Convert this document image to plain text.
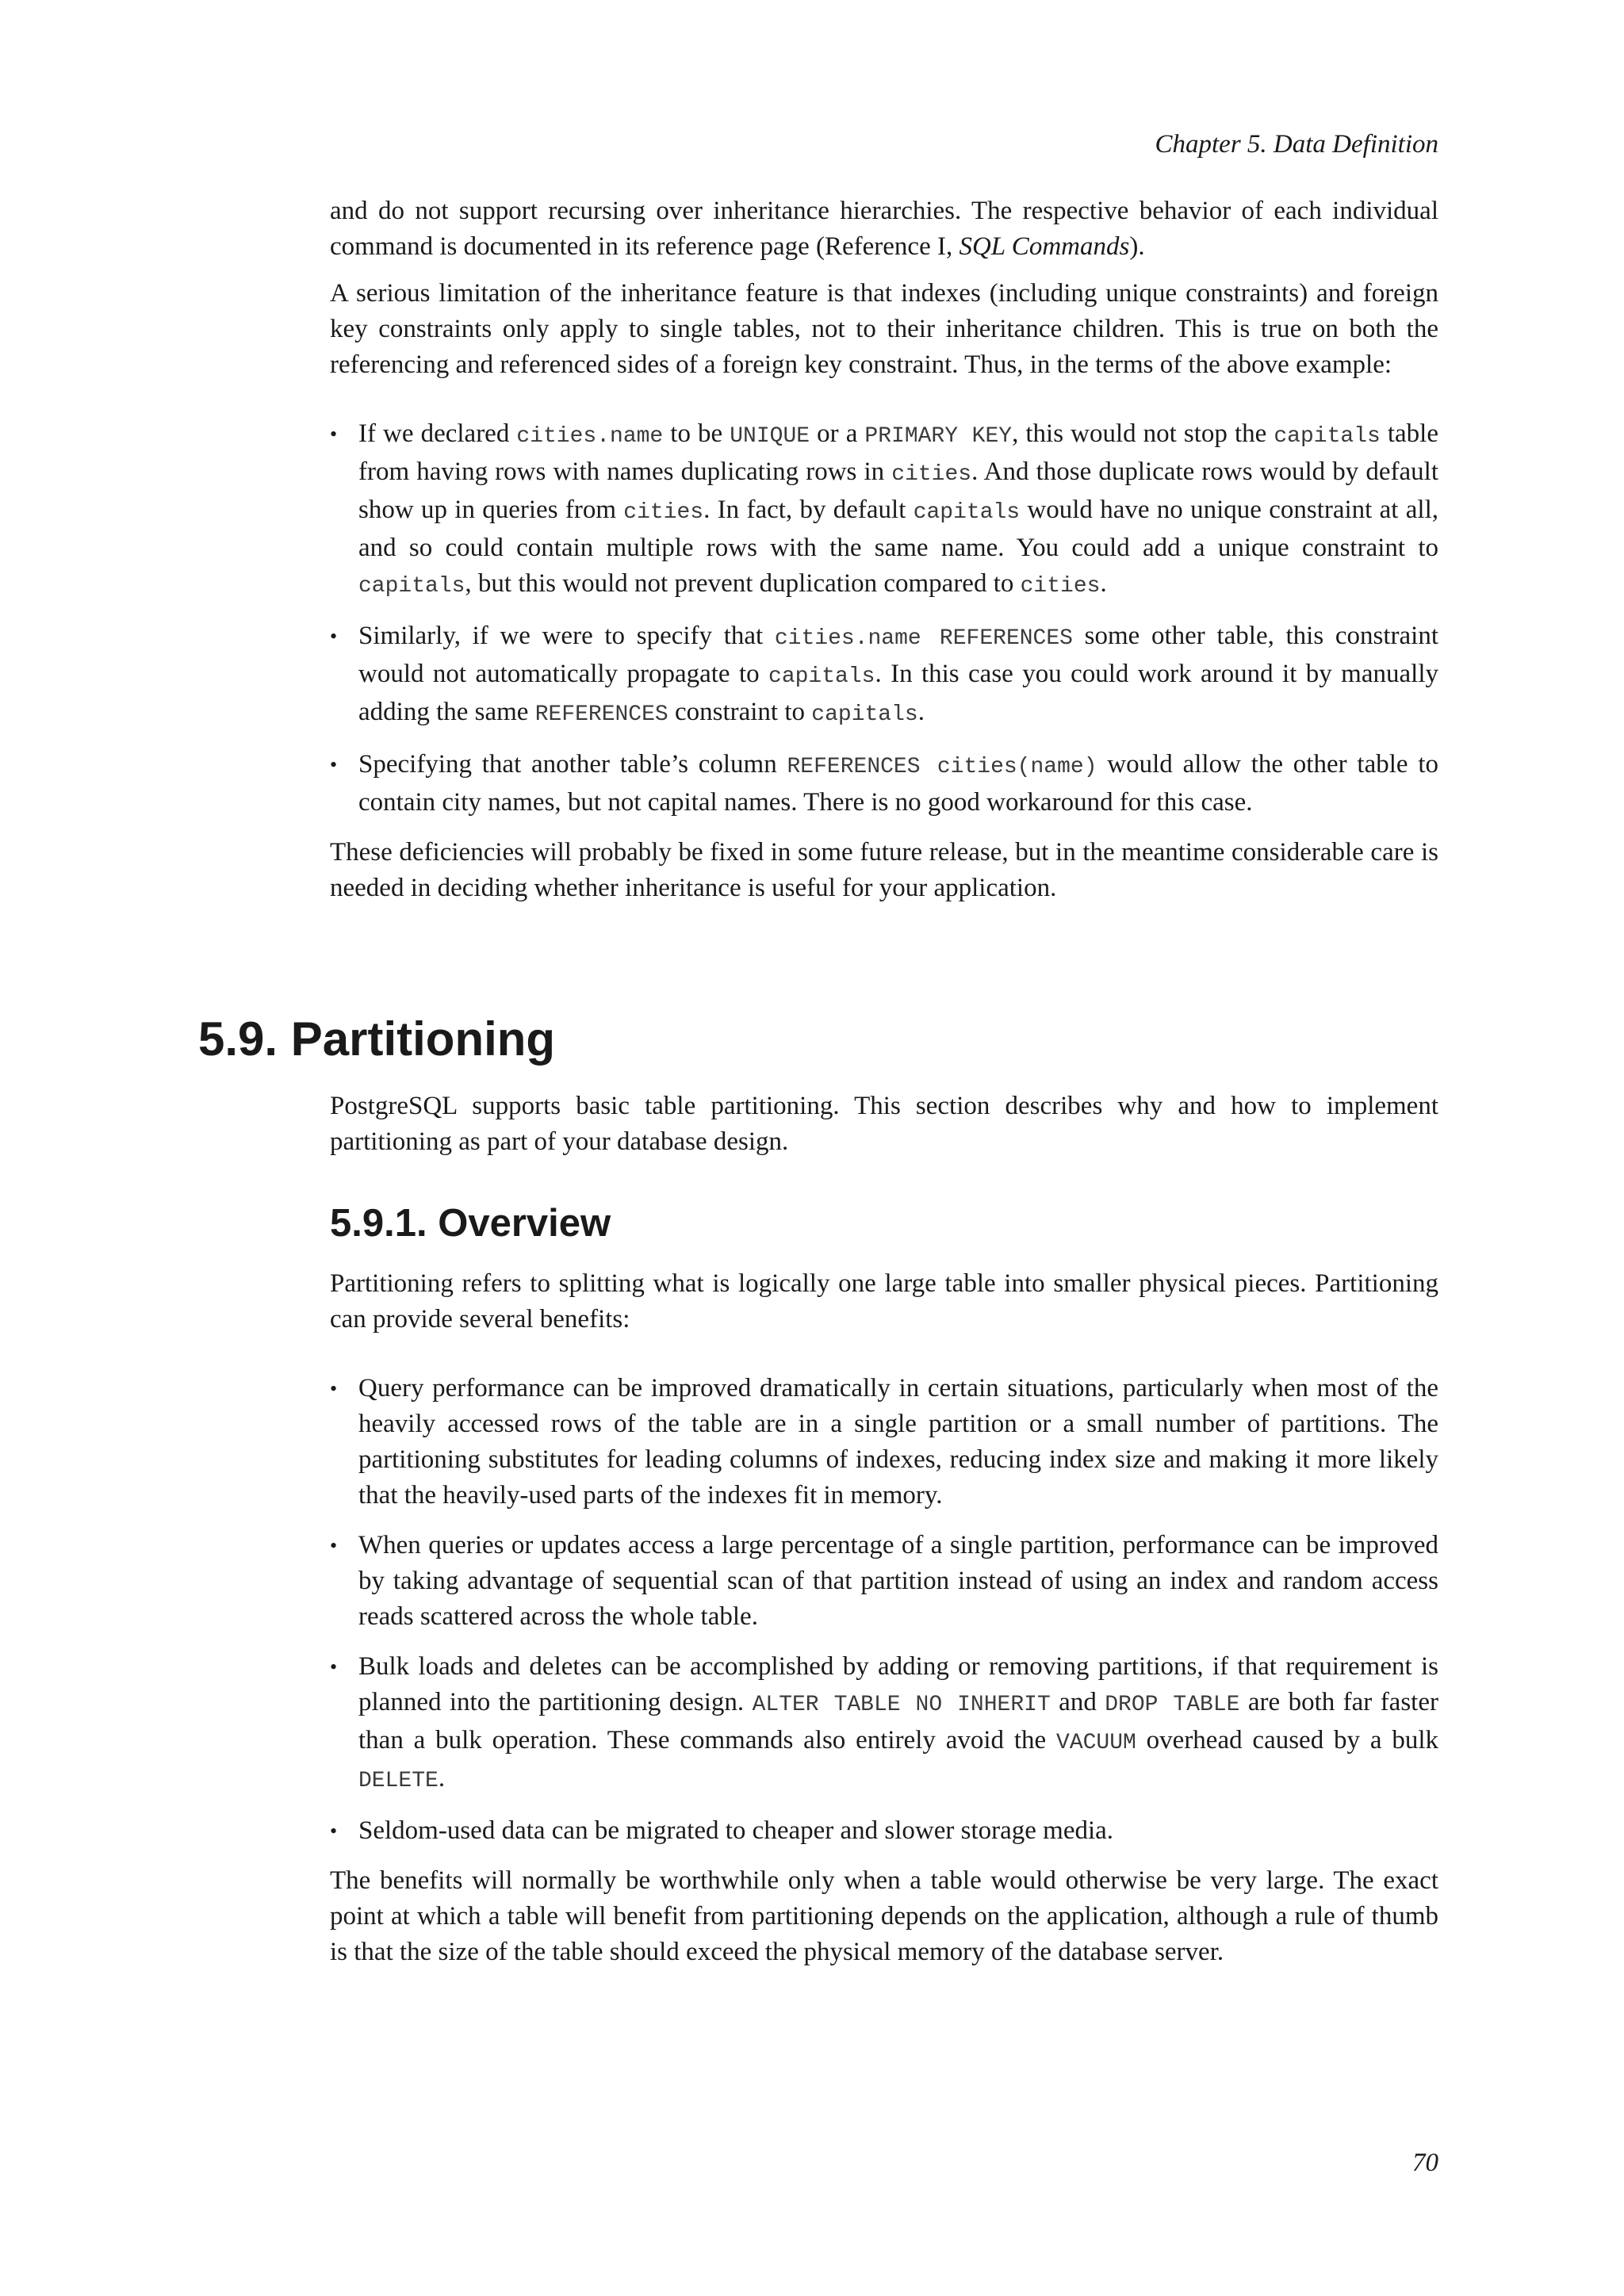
Chapter 5. Data Definition

and do not support recursing over inheritance hierarchies. The respective behavior of each individual command is documented in its reference page (Reference I, SQL Commands).

A serious limitation of the inheritance feature is that indexes (including unique constraints) and foreign key constraints only apply to single tables, not to their inheritance children. This is true on both the referencing and referenced sides of a foreign key constraint. Thus, in the terms of the above example:

• If we declared cities.name to be UNIQUE or a PRIMARY KEY, this would not stop the capitals table from having rows with names duplicating rows in cities. And those duplicate rows would by default show up in queries from cities. In fact, by default capitals would have no unique constraint at all, and so could contain multiple rows with the same name. You could add a unique constraint to capitals, but this would not prevent duplication compared to cities.
• Similarly, if we were to specify that cities.name REFERENCES some other table, this constraint would not automatically propagate to capitals. In this case you could work around it by manually adding the same REFERENCES constraint to capitals.
• Specifying that another table’s column REFERENCES cities(name) would allow the other table to contain city names, but not capital names. There is no good workaround for this case.

These deficiencies will probably be fixed in some future release, but in the meantime considerable care is needed in deciding whether inheritance is useful for your application.

5.9. Partitioning

PostgreSQL supports basic table partitioning. This section describes why and how to implement partitioning as part of your database design.

5.9.1. Overview

Partitioning refers to splitting what is logically one large table into smaller physical pieces. Partitioning can provide several benefits:

• Query performance can be improved dramatically in certain situations, particularly when most of the heavily accessed rows of the table are in a single partition or a small number of partitions. The partitioning substitutes for leading columns of indexes, reducing index size and making it more likely that the heavily-used parts of the indexes fit in memory.
• When queries or updates access a large percentage of a single partition, performance can be improved by taking advantage of sequential scan of that partition instead of using an index and random access reads scattered across the whole table.
• Bulk loads and deletes can be accomplished by adding or removing partitions, if that requirement is planned into the partitioning design. ALTER TABLE NO INHERIT and DROP TABLE are both far faster than a bulk operation. These commands also entirely avoid the VACUUM overhead caused by a bulk DELETE.
• Seldom-used data can be migrated to cheaper and slower storage media.

The benefits will normally be worthwhile only when a table would otherwise be very large. The exact point at which a table will benefit from partitioning depends on the application, although a rule of thumb is that the size of the table should exceed the physical memory of the database server.

70
